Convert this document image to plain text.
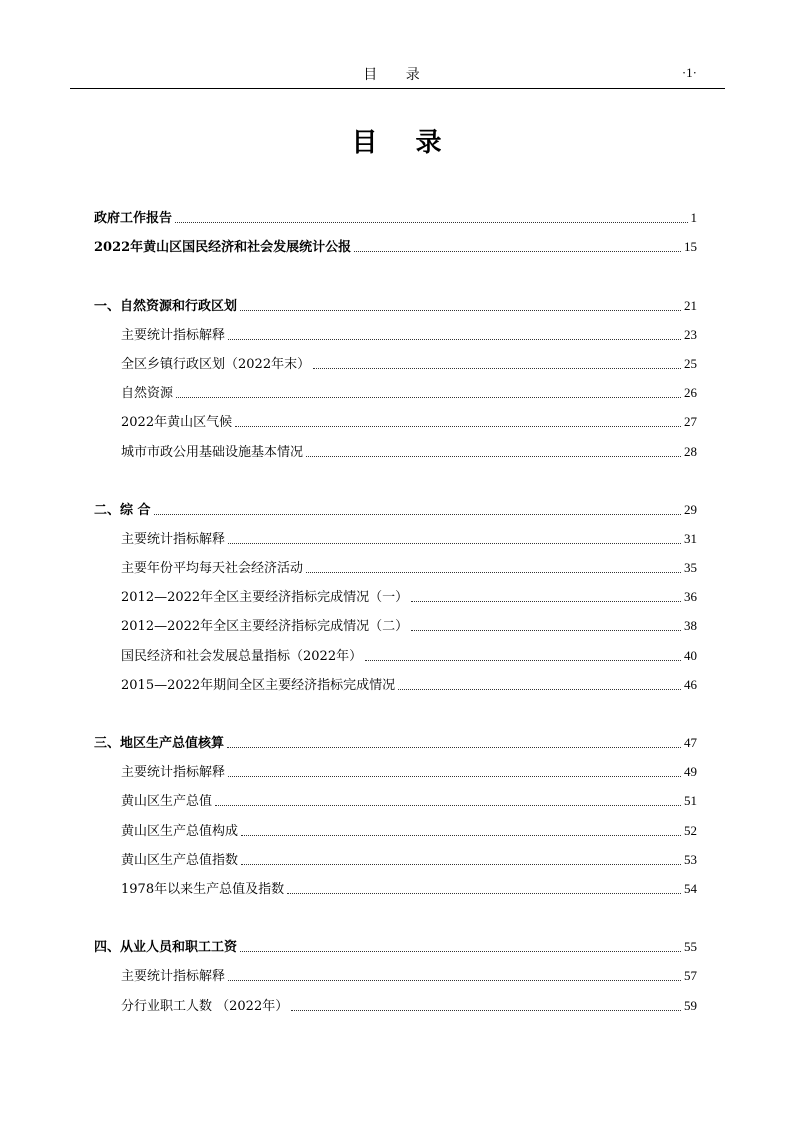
目 录	·1·
目录
政府工作报告	1
2022年黄山区国民经济和社会发展统计公报	15
一、自然资源和行政区划	21
主要统计指标解释	23
全区乡镇行政区划（2022年末）	25
自然资源	26
2022年黄山区气候	27
城市市政公用基础设施基本情况	28
二、综 合	29
主要统计指标解释	31
主要年份平均每天社会经济活动	35
2012—2022年全区主要经济指标完成情况（一）	36
2012—2022年全区主要经济指标完成情况（二）	38
国民经济和社会发展总量指标（2022年）	40
2015—2022年期间全区主要经济指标完成情况	46
三、地区生产总值核算	47
主要统计指标解释	49
黄山区生产总值	51
黄山区生产总值构成	52
黄山区生产总值指数	53
1978年以来生产总值及指数	54
四、从业人员和职工工资	55
主要统计指标解释	57
分行业职工人数 （2022年）	59
